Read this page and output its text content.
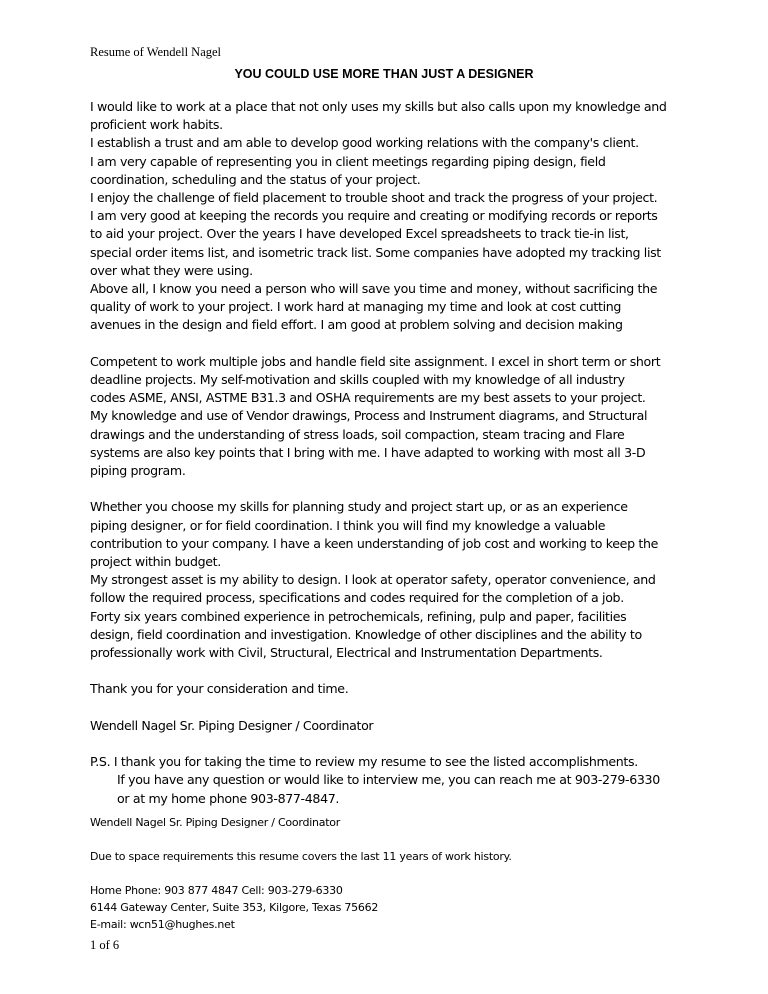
Resume of Wendell Nagel
YOU COULD USE MORE THAN JUST A DESIGNER

I would like to work at a place that not only uses my skills but also calls upon my knowledge and

proficient work habits.

I establish a trust and am able to develop good working relations with the company's client.

I am very capable of representing you in client meetings regarding piping design, field

coordination, scheduling and the status of your project.

I enjoy the challenge of field placement to trouble shoot and track the progress of your project.

I am very good at keeping the records you require and creating or modifying records or reports

to aid your project. Over the years I have developed Excel spreadsheets to track tie-in list,

special order items list, and isometric track list. Some companies have adopted my tracking list

over what they were using.

Above all, I know you need a person who will save you time and money, without sacrificing the

quality of work to your project. I work hard at managing my time and look at cost cutting

avenues in the design and field effort. I am good at problem solving and decision making

Competent to work multiple jobs and handle field site assignment. I excel in short term or short

deadline projects. My self-motivation and skills coupled with my knowledge of all industry

codes ASME, ANSI, ASTME B31.3 and OSHA requirements are my best assets to your project.

My knowledge and use of Vendor drawings, Process and Instrument diagrams, and Structural

drawings and the understanding of stress loads, soil compaction, steam tracing and Flare

systems are also key points that I bring with me. I have adapted to working with most all 3-D

piping program.

Whether you choose my skills for planning study and project start up, or as an experience

piping designer, or for field coordination. I think you will find my knowledge a valuable

contribution to your company. I have a keen understanding of job cost and working to keep the

project within budget.

My strongest asset is my ability to design. I look at operator safety, operator convenience, and

follow the required process, specifications and codes required for the completion of a job.

Forty six years combined experience in petrochemicals, refining, pulp and paper, facilities

design, field coordination and investigation. Knowledge of other disciplines and the ability to

professionally work with Civil, Structural, Electrical and Instrumentation Departments.

Thank you for your consideration and time.

Wendell Nagel Sr. Piping Designer / Coordinator

P.S. I thank you for taking the time to review my resume to see the listed accomplishments.

If you have any question or would like to interview me, you can reach me at 903-279-6330

or at my home phone 903-877-4847.

Wendell Nagel Sr. Piping Designer / Coordinator
Due to space requirements this resume covers the last 11 years of work history.
Home Phone: 903 877 4847 Cell: 903-279-6330
6144 Gateway Center, Suite 353, Kilgore, Texas 75662
E-mail: wcn51@hughes.net
1 of 6
